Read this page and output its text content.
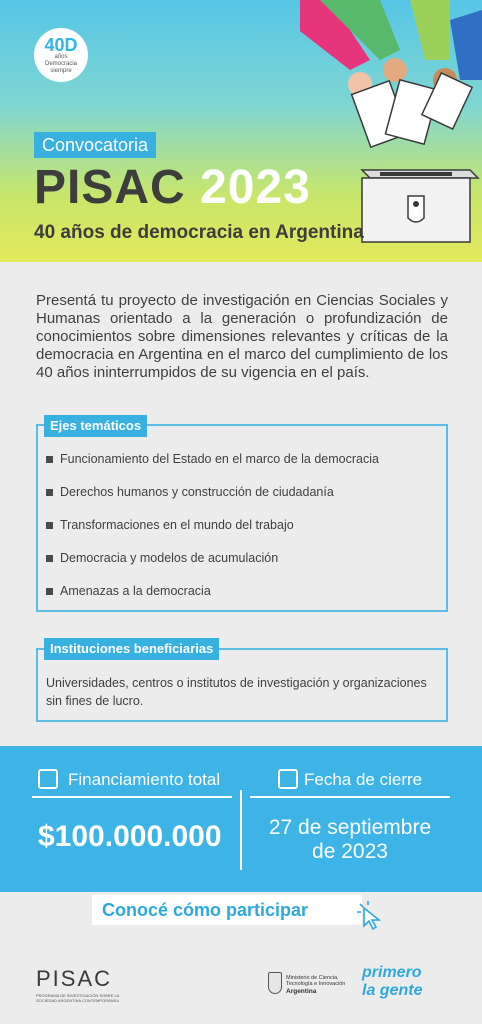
40D
años
Democracia siempre
Convocatoria
PISAC 2023
40 años de democracia en Argentina

Presentá tu proyecto de investigación en Ciencias Sociales y Humanas orientado a la generación o profundización de conocimientos sobre dimensiones relevantes y críticas de la democracia en Argentina en el marco del cumplimiento de los 40 años ininterrumpidos de su vigencia en el país.

Ejes temáticos
Funcionamiento del Estado en el marco de la democracia
Derechos humanos y construcción de ciudadanía
Transformaciones en el mundo del trabajo
Democracia y modelos de acumulación
Amenazas a la democracia
Instituciones beneficiarias

Universidades, centros o institutos de investigación y organizaciones sin fines de lucro.

Financiamiento total	Fecha de cierre
$100.000.000	27 de septiembre
de 2023
Conocé cómo participar
PISAC
PROGRAMA DE INVESTIGACIÓN SOBRE LA SOCIEDAD ARGENTINA CONTEMPORÁNEA
Ministerio de Ciencia,
Tecnología e Innovación
Argentina
primero
la gente
